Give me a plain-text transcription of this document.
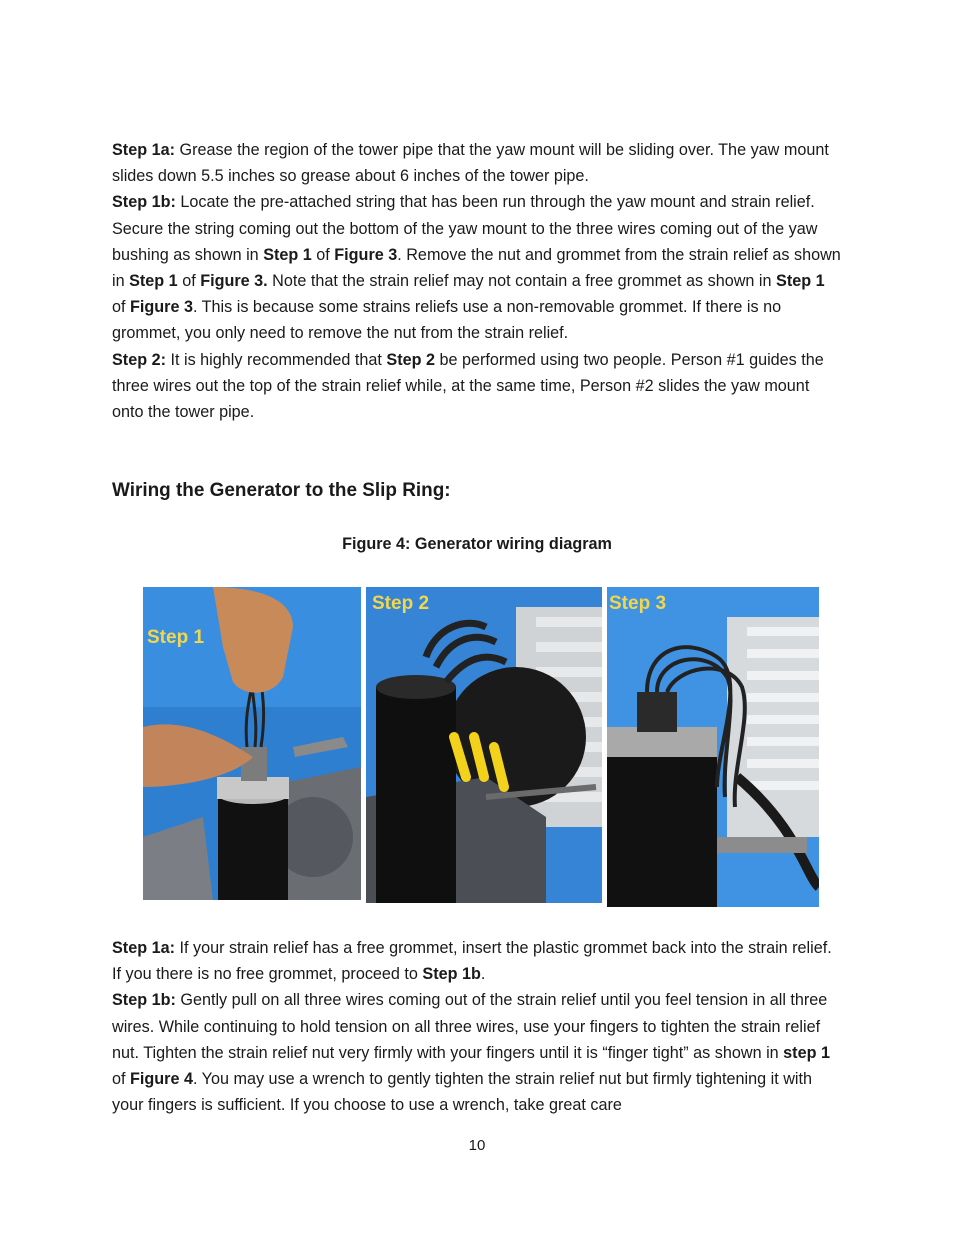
Step 1a: Grease the region of the tower pipe that the yaw mount will be sliding over. The yaw mount slides down 5.5 inches so grease about 6 inches of the tower pipe.

Step 1b: Locate the pre-attached string that has been run through the yaw mount and strain relief. Secure the string coming out the bottom of the yaw mount to the three wires coming out of the yaw bushing as shown in Step 1 of Figure 3. Remove the nut and grommet from the strain relief as shown in Step 1 of Figure 3. Note that the strain relief may not contain a free grommet as shown in Step 1 of Figure 3. This is because some strains reliefs use a non-removable grommet. If there is no grommet, you only need to remove the nut from the strain relief.

Step 2: It is highly recommended that Step 2 be performed using two people. Person #1 guides the three wires out the top of the strain relief while, at the same time, Person #2 slides the yaw mount onto the tower pipe.

Wiring the Generator to the Slip Ring:

Figure 4: Generator wiring diagram

Step 1
Step 2	Step 3

Step 1a: If your strain relief has a free grommet, insert the plastic grommet back into the strain relief. If you there is no free grommet, proceed to Step 1b.

Step 1b: Gently pull on all three wires coming out of the strain relief until you feel tension in all three wires. While continuing to hold tension on all three wires, use your fingers to tighten the strain relief nut. Tighten the strain relief nut very firmly with your fingers until it is “finger tight” as shown in step 1 of Figure 4. You may use a wrench to gently tighten the strain relief nut but firmly tightening it with your fingers is sufficient. If you choose to use a wrench, take great care

10
